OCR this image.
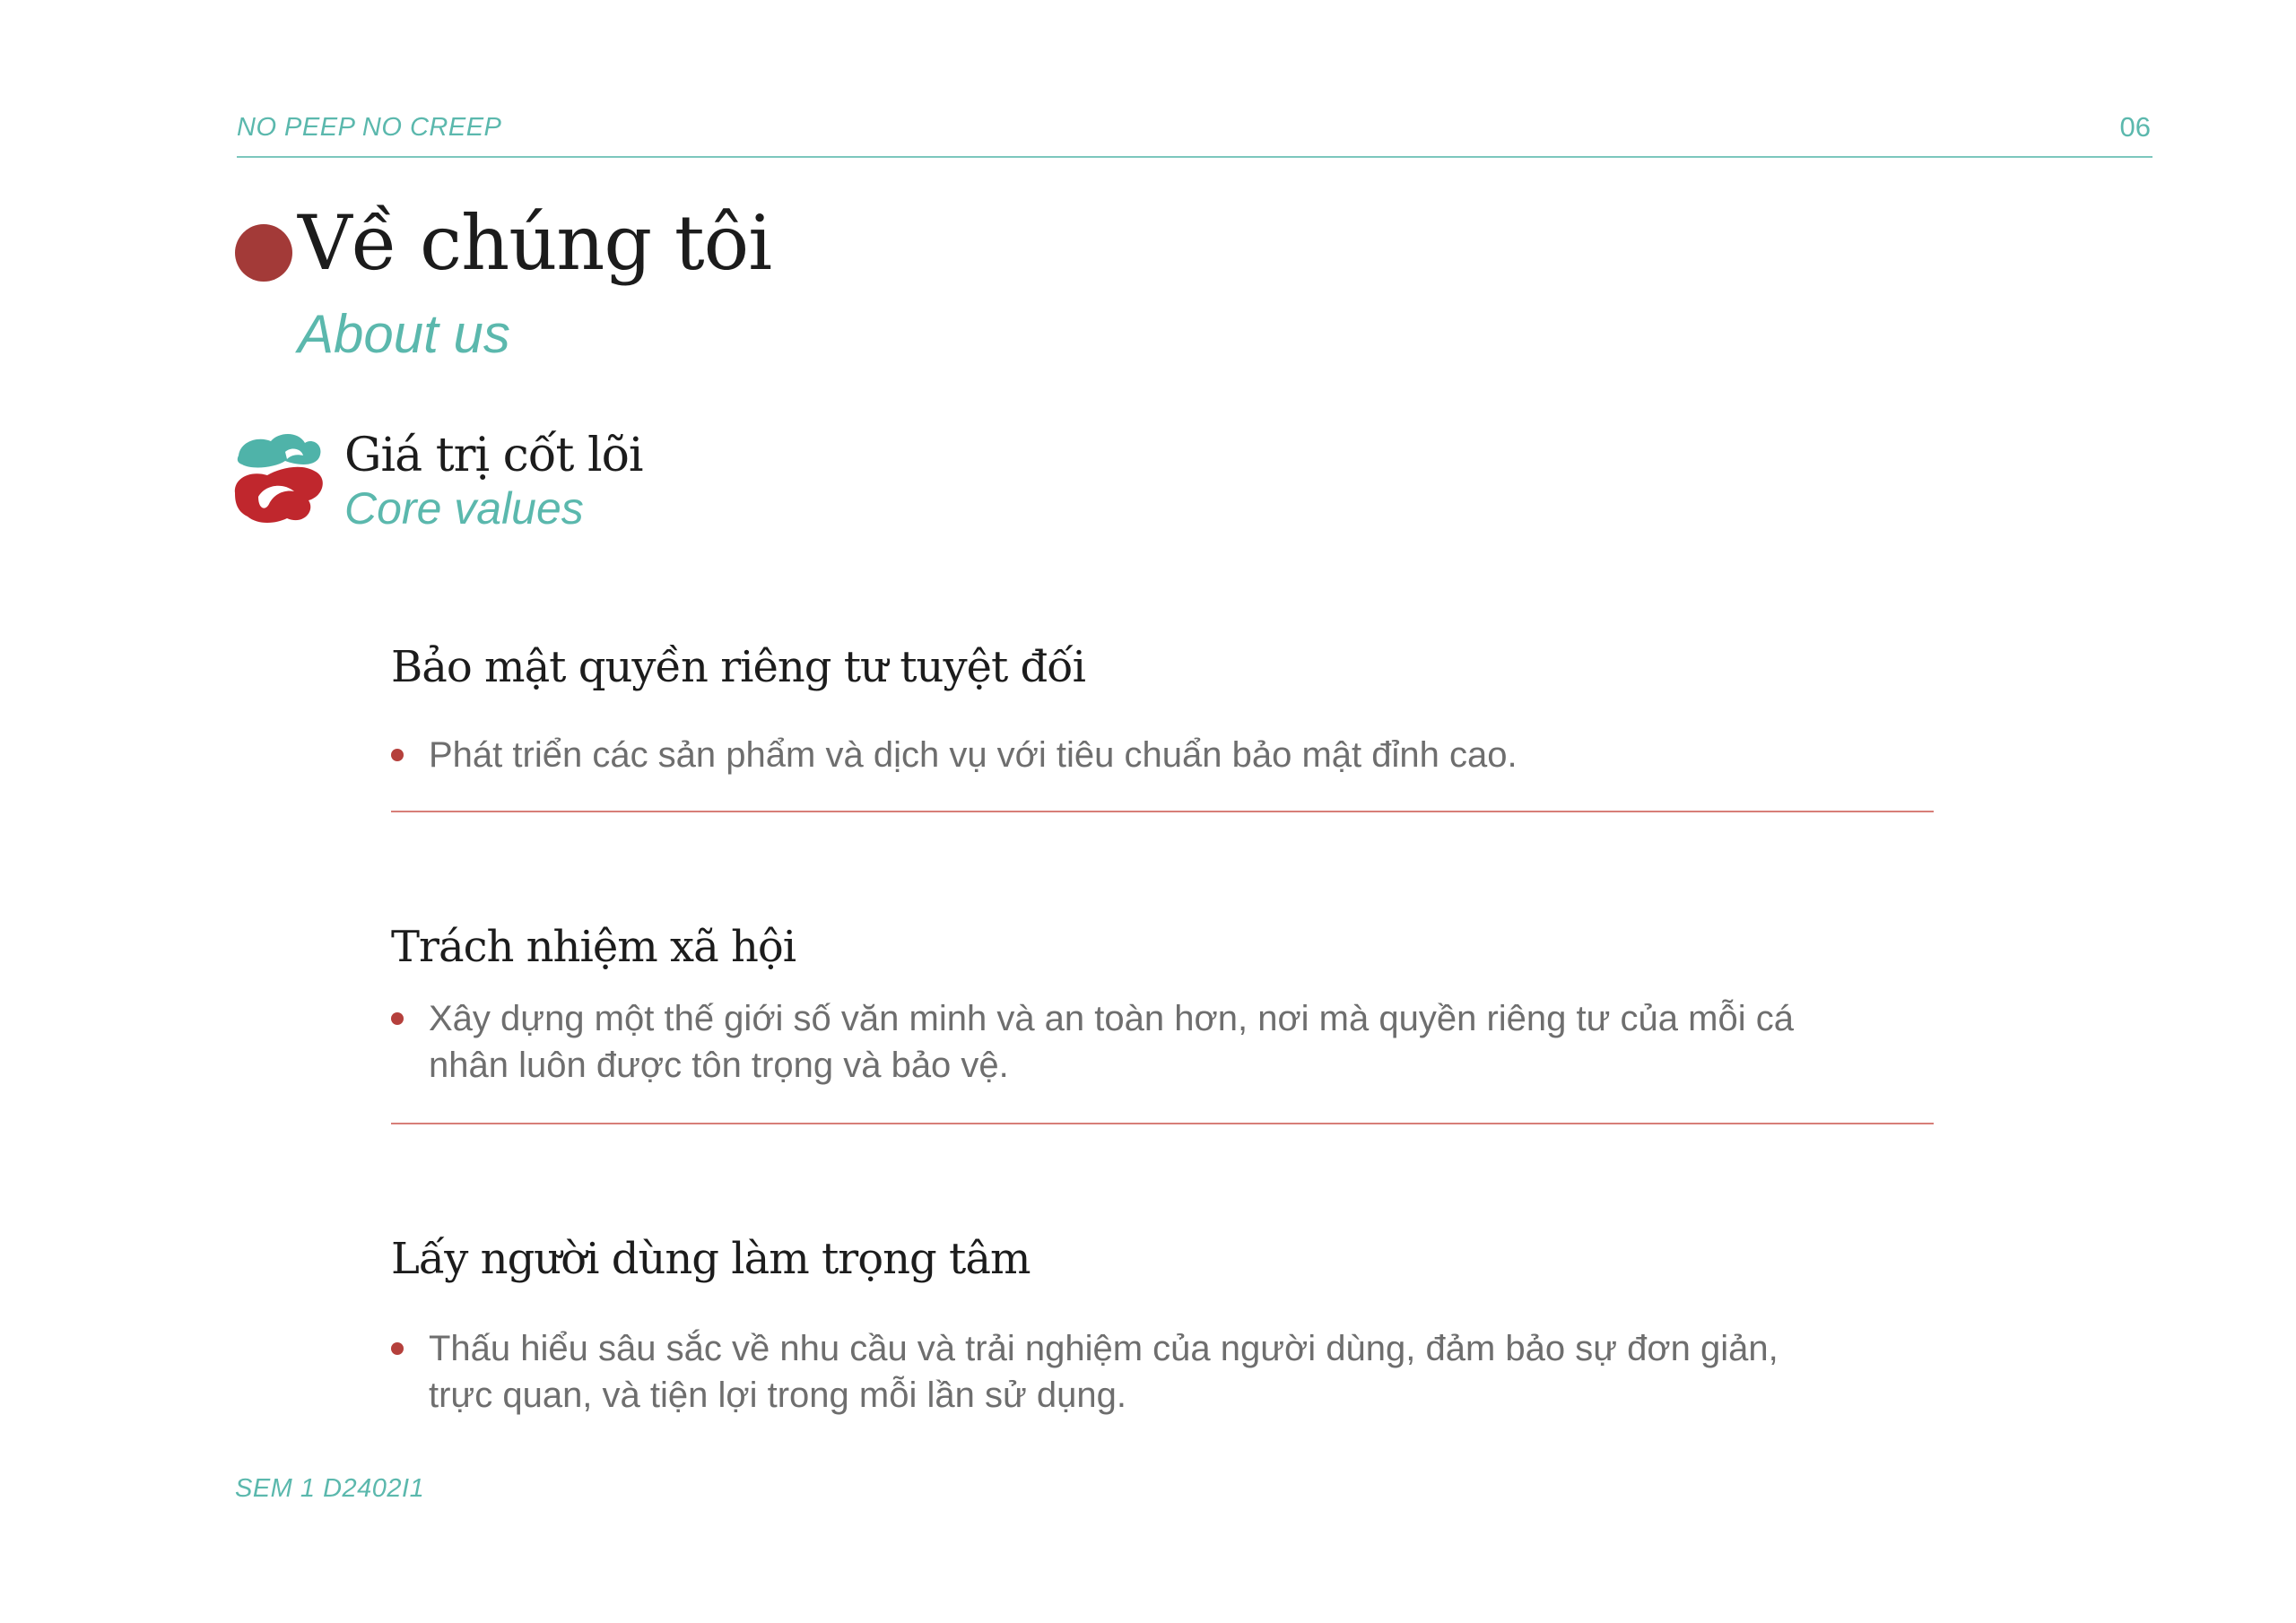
NO PEEP NO CREEP	06
Về chúng tôi
About us
Giá trị cốt lõi
Core values
Bảo mật quyền riêng tư tuyệt đối
Phát triển các sản phẩm và dịch vụ với tiêu chuẩn bảo mật đỉnh cao.
Trách nhiệm xã hội
Xây dựng một thế giới số văn minh và an toàn hơn, nơi mà quyền riêng tư của mỗi cá nhân luôn được tôn trọng và bảo vệ.
Lấy người dùng làm trọng tâm
Thấu hiểu sâu sắc về nhu cầu và trải nghiệm của người dùng, đảm bảo sự đơn giản, trực quan, và tiện lợi trong mỗi lần sử dụng.
SEM 1 D2402I1
